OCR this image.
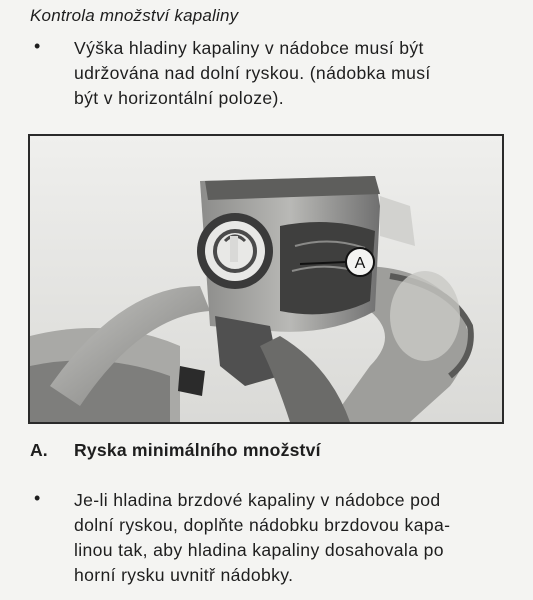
Kontrola množství kapaliny
• Výška hladiny kapaliny v nádobce musí být
udržována nad dolní ryskou. (nádobka musí
být v horizontální poloze).
A
A. Ryska minimálního množství
• Je-li hladina brzdové kapaliny v nádobce pod
dolní ryskou, doplňte nádobku brzdovou kapa-
linou tak, aby hladina kapaliny dosahovala po
horní rysku uvnitř nádobky.
